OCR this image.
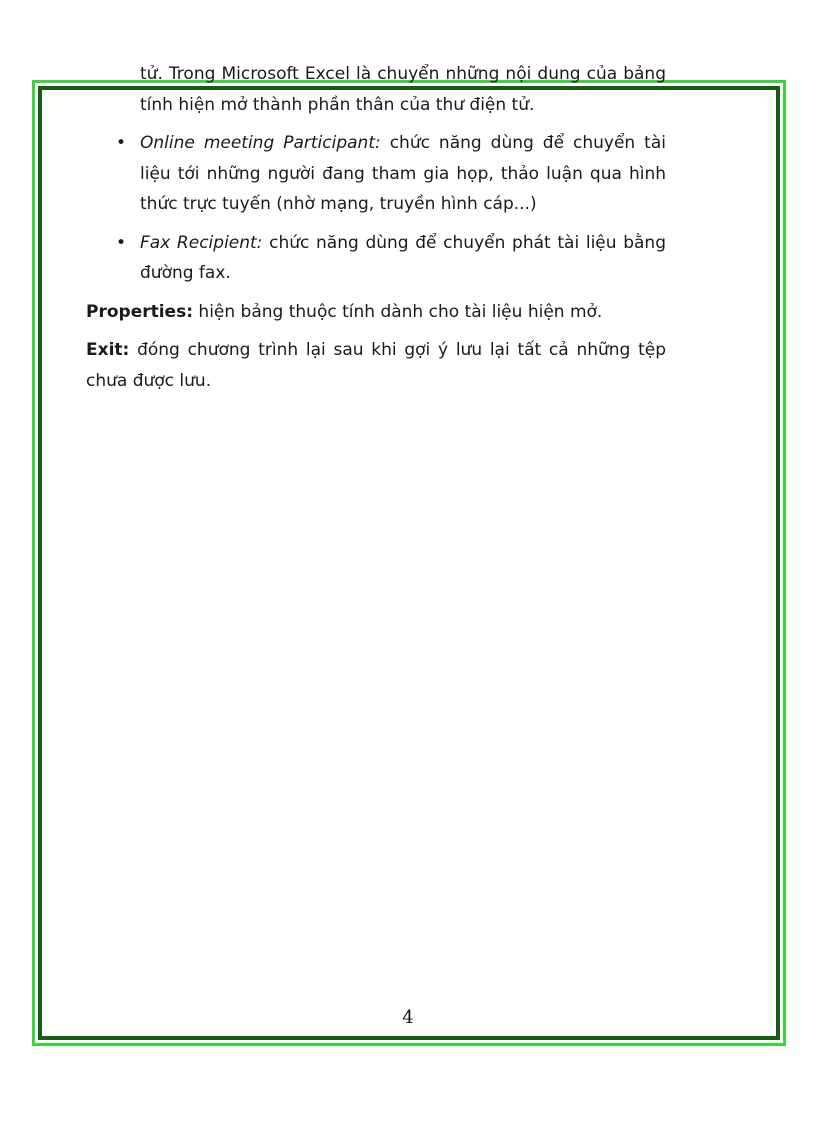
tử. Trong Microsoft Excel là chuyển những nội dung của bảng tính hiện mở thành phần thân của thư điện tử.

• Online meeting Participant: chức năng dùng để chuyển tài liệu tới những người đang tham gia họp, thảo luận qua hình thức trực tuyến (nhờ mạng, truyền hình cáp...)
• Fax Recipient: chức năng dùng để chuyển phát tài liệu bằng đường fax.

Properties: hiện bảng thuộc tính dành cho tài liệu hiện mở.

Exit: đóng chương trình lại sau khi gợi ý lưu lại tất cả những tệp chưa được lưu.

4
